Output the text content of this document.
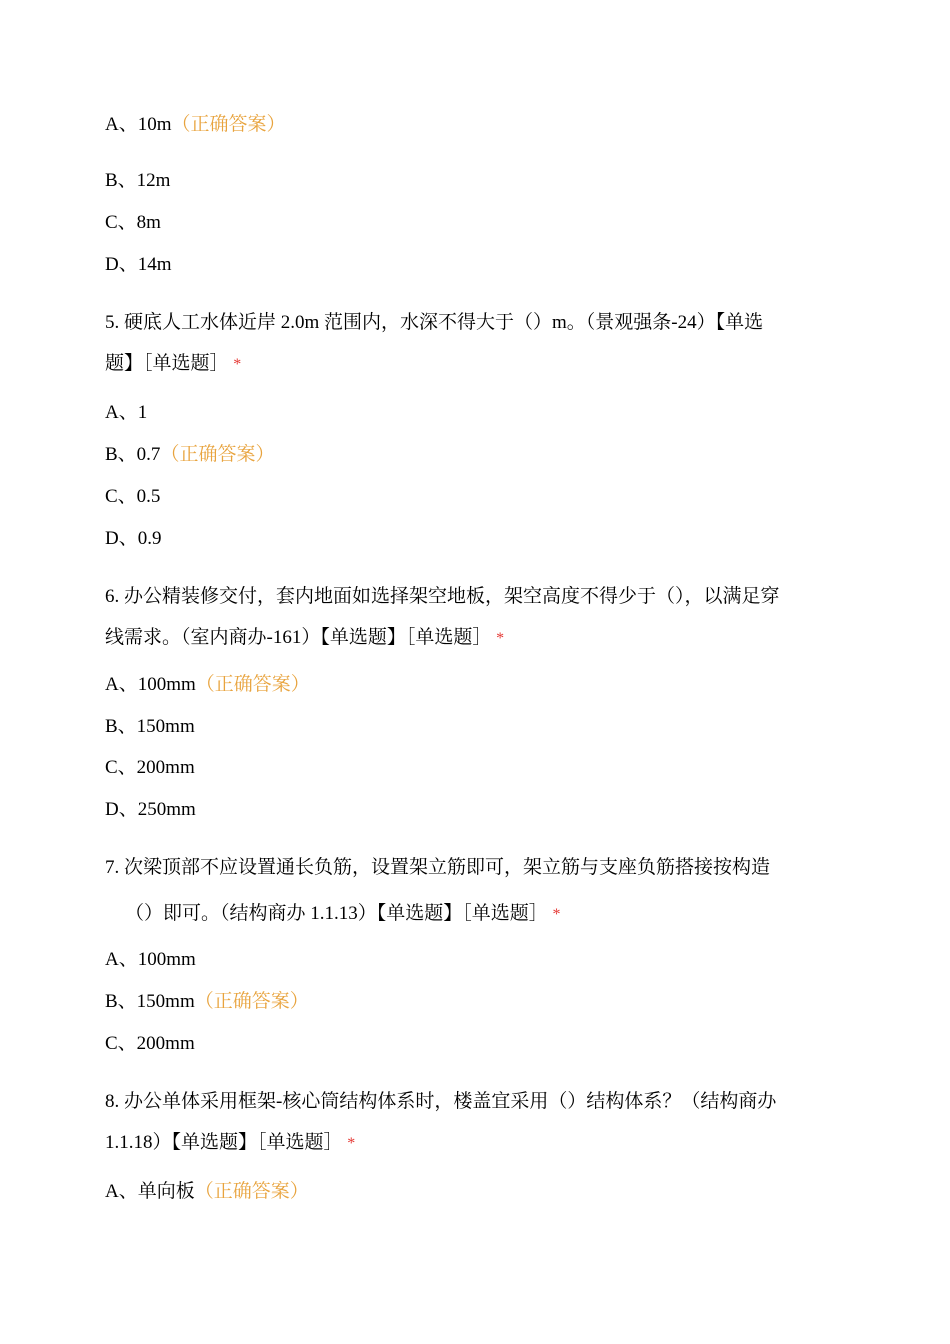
A、10m（正确答案）
B、12m
C、8m
D、14m
5. 硬底人工水体近岸 2.0m 范围内，水深不得大于（）m。（景观强条-24）【单选
题】［单选题］ *
A、1
B、0.7（正确答案）
C、0.5
D、0.9
6. 办公精装修交付，套内地面如选择架空地板，架空高度不得少于（），以满足穿
线需求。（室内商办-161）【单选题】［单选题］ *
A、100mm（正确答案）
B、150mm
C、200mm
D、250mm
7. 次梁顶部不应设置通长负筋，设置架立筋即可，架立筋与支座负筋搭接按构造
（）即可。（结构商办 1.1.13）【单选题】［单选题］ *
A、100mm
B、150mm（正确答案）
C、200mm
8. 办公单体采用框架-核心筒结构体系时，楼盖宜采用（）结构体系？（结构商办
1.1.18）【单选题】［单选题］ *
A、单向板（正确答案）
